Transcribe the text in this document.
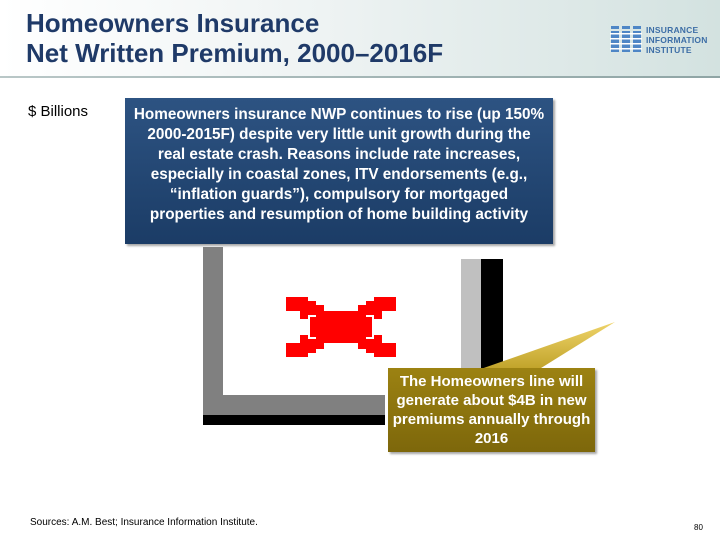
Homeowners Insurance
Net Written Premium, 2000–2016F
INSURANCE
INFORMATION
INSTITUTE
$ Billions	Homeowners insurance NWP continues to rise (up 150% 2000-2015F) despite very little unit growth during the real estate crash. Reasons include rate increases, especially in coastal zones, ITV endorsements (e.g., “inflation guards”), compulsory for mortgaged properties and resumption of home building activity
The Homeowners line will generate about $4B in new premiums annually through 2016
Sources: A.M. Best; Insurance Information Institute.	80
